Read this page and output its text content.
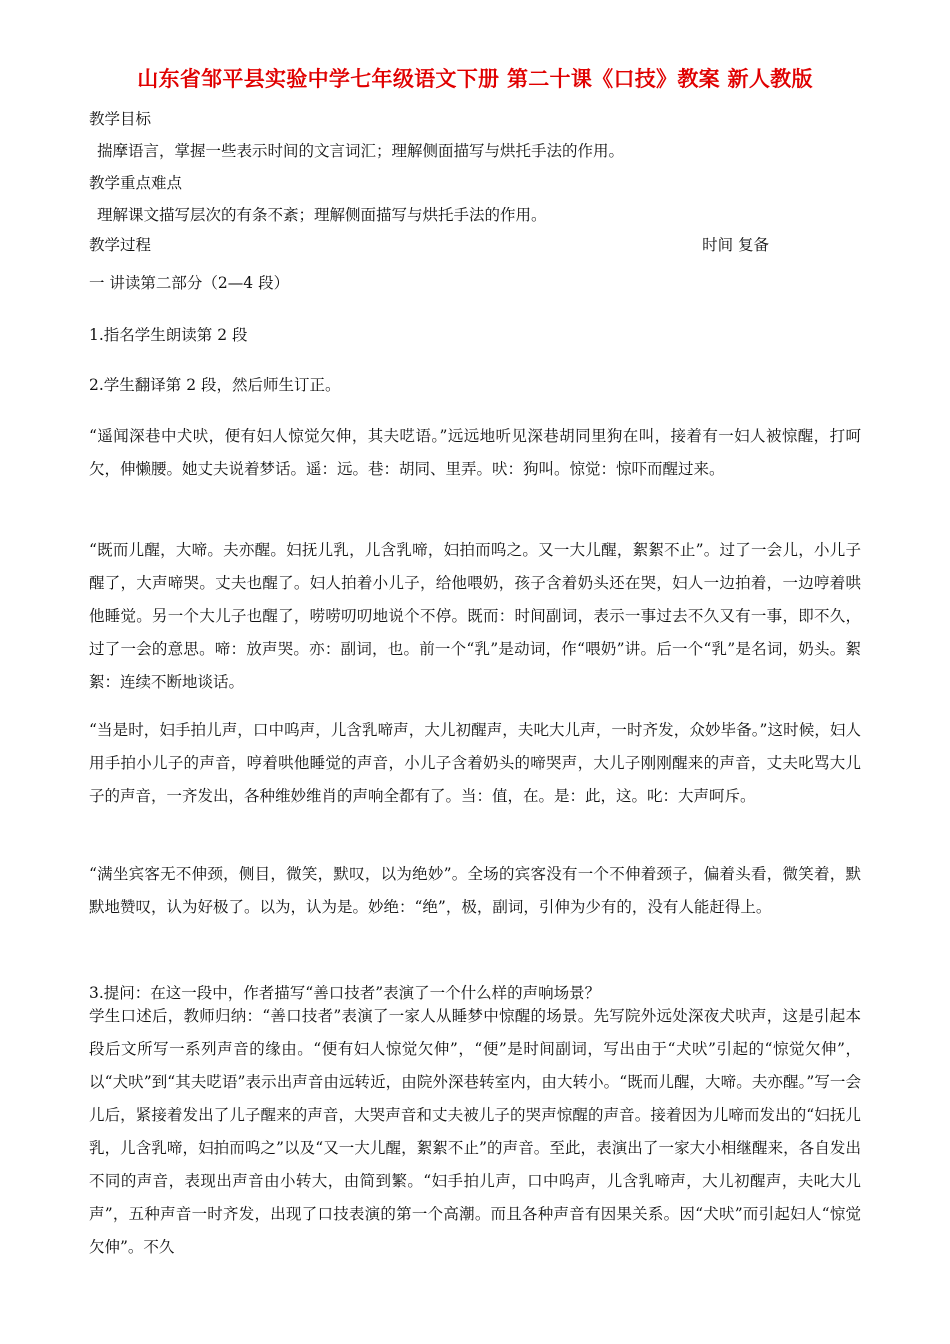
山东省邹平县实验中学七年级语文下册 第二十课《口技》教案 新人教版
教学目标
揣摩语言，掌握一些表示时间的文言词汇；理解侧面描写与烘托手法的作用。
教学重点难点
理解课文描写层次的有条不紊；理解侧面描写与烘托手法的作用。
教学过程	时间 复备
一 讲读第二部分（2—4 段）
1.指名学生朗读第 2 段
2.学生翻译第 2 段，然后师生订正。
“遥闻深巷中犬吠，便有妇人惊觉欠伸，其夫呓语。”远远地听见深巷胡同里狗在叫，接着有一妇人被惊醒，打呵欠，伸懒腰。她丈夫说着梦话。遥：远。巷：胡同、里弄。吠：狗叫。惊觉：惊吓而醒过来。
“既而儿醒，大啼。夫亦醒。妇抚儿乳，儿含乳啼，妇拍而呜之。又一大儿醒，絮絮不止”。过了一会儿，小儿子醒了，大声啼哭。丈夫也醒了。妇人拍着小儿子，给他喂奶，孩子含着奶头还在哭，妇人一边拍着，一边哼着哄他睡觉。另一个大儿子也醒了，唠唠叨叨地说个不停。既而：时间副词，表示一事过去不久又有一事，即不久，过了一会的意思。啼：放声哭。亦：副词，也。前一个“乳”是动词，作“喂奶”讲。后一个“乳”是名词，奶头。絮絮：连续不断地谈话。
“当是时，妇手拍儿声，口中呜声，儿含乳啼声，大儿初醒声，夫叱大儿声，一时齐发，众妙毕备。”这时候，妇人用手拍小儿子的声音，哼着哄他睡觉的声音，小儿子含着奶头的啼哭声，大儿子刚刚醒来的声音，丈夫叱骂大儿子的声音，一齐发出，各种维妙维肖的声响全都有了。当：值，在。是：此，这。叱：大声呵斥。
“满坐宾客无不伸颈，侧目，微笑，默叹，以为绝妙”。全场的宾客没有一个不伸着颈子，偏着头看，微笑着，默默地赞叹，认为好极了。以为，认为是。妙绝：“绝”，极，副词，引伸为少有的，没有人能赶得上。
3.提问：在这一段中，作者描写“善口技者”表演了一个什么样的声响场景？
学生口述后，教师归纳：“善口技者”表演了一家人从睡梦中惊醒的场景。先写院外远处深夜犬吠声，这是引起本段后文所写一系列声音的缘由。“便有妇人惊觉欠伸”，“便”是时间副词，写出由于“犬吠”引起的“惊觉欠伸”，以“犬吠”到“其夫呓语”表示出声音由远转近，由院外深巷转室内，由大转小。“既而儿醒，大啼。夫亦醒。”写一会儿后，紧接着发出了儿子醒来的声音，大哭声音和丈夫被儿子的哭声惊醒的声音。接着因为儿啼而发出的“妇抚儿乳，儿含乳啼，妇拍而呜之”以及“又一大儿醒，絮絮不止”的声音。至此，表演出了一家大小相继醒来，各自发出不同的声音，表现出声音由小转大，由简到繁。“妇手拍儿声，口中呜声，儿含乳啼声，大儿初醒声，夫叱大儿声”，五种声音一时齐发，出现了口技表演的第一个高潮。而且各种声音有因果关系。因“犬吠”而引起妇人“惊觉欠伸”。不久
